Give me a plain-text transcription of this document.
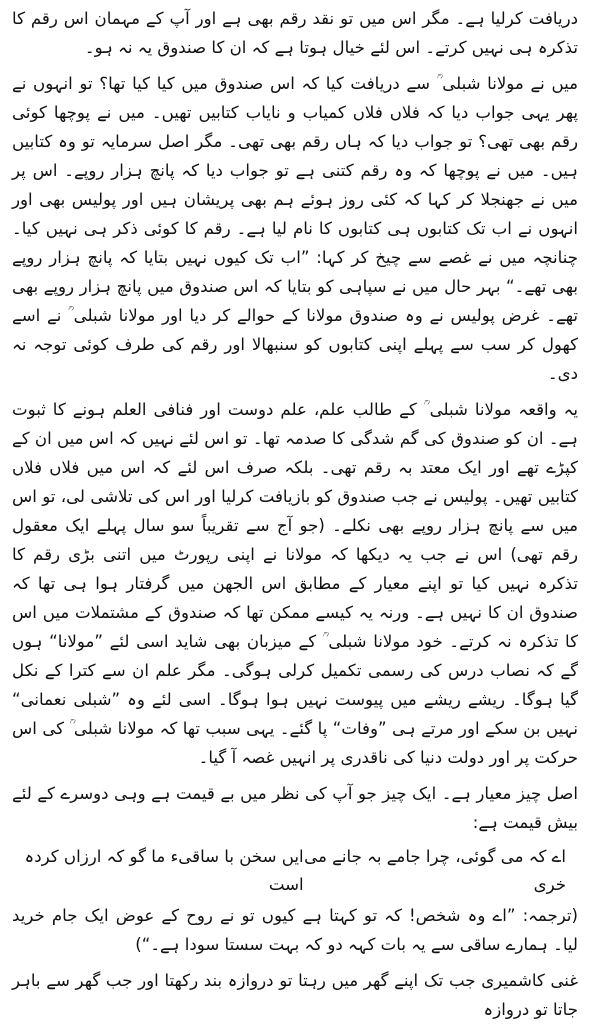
دریافت کرلیا ہے۔ مگر اس میں تو نقد رقم بھی ہے اور آپ کے مہمان اس رقم کا تذکرہ ہی نہیں کرتے۔ اس لئے خیال ہوتا ہے کہ ان کا صندوق یہ نہ ہو۔

میں نے مولانا شبلی ؒ سے دریافت کیا کہ اس صندوق میں کیا کیا تھا؟ تو انہوں نے پھر یہی جواب دیا کہ فلاں فلاں کمیاب و نایاب کتابیں تھیں۔ میں نے پوچھا کوئی رقم بھی تھی؟ تو جواب دیا کہ ہاں رقم بھی تھی۔ مگر اصل سرمایہ تو وہ کتابیں ہیں۔ میں نے پوچھا کہ وہ رقم کتنی ہے تو جواب دیا کہ پانچ ہزار روپے۔ اس پر میں نے جھنجلا کر کہا کہ کئی روز ہوئے ہم بھی پریشان ہیں اور پولیس بھی اور انہوں نے اب تک کتابوں ہی کتابوں کا نام لیا ہے۔ رقم کا کوئی ذکر ہی نہیں کیا۔ چنانچہ میں نے غصے سے چیخ کر کہا: ”اب تک کیوں نہیں بتایا کہ پانچ ہزار روپے بھی تھے۔“ بہر حال میں نے سپاہی کو بتایا کہ اس صندوق میں پانچ ہزار روپے بھی تھے۔ غرض پولیس نے وہ صندوق مولانا کے حوالے کر دیا اور مولانا شبلی ؒ نے اسے کھول کر سب سے پہلے اپنی کتابوں کو سنبھالا اور رقم کی طرف کوئی توجہ نہ دی۔

یہ واقعہ مولانا شبلی ؒ کے طالب علم، علم دوست اور فنافی العلم ہونے کا ثبوت ہے۔ ان کو صندوق کی گم شدگی کا صدمہ تھا۔ تو اس لئے نہیں کہ اس میں ان کے کپڑے تھے اور ایک معتد بہ رقم تھی۔ بلکہ صرف اس لئے کہ اس میں فلاں فلاں کتابیں تھیں۔ پولیس نے جب صندوق کو بازیافت کرلیا اور اس کی تلاشی لی، تو اس میں سے پانچ ہزار روپے بھی نکلے۔ (جو آج سے تقریباً سو سال پہلے ایک معقول رقم تھی) اس نے جب یہ دیکھا کہ مولانا نے اپنی رپورٹ میں اتنی بڑی رقم کا تذکرہ نہیں کیا تو اپنے معیار کے مطابق اس الجھن میں گرفتار ہوا ہی تھا کہ صندوق ان کا نہیں ہے۔ ورنہ یہ کیسے ممکن تھا کہ صندوق کے مشتملات میں اس کا تذکرہ نہ کرتے۔ خود مولانا شبلی ؒ کے میزبان بھی شاید اسی لئے ”مولانا“ ہوں گے کہ نصاب درس کی رسمی تکمیل کرلی ہوگی۔ مگر علم ان سے کترا کے نکل گیا ہوگا۔ ریشے ریشے میں پیوست نہیں ہوا ہوگا۔ اسی لئے وہ ”شبلی نعمانی“ نہیں بن سکے اور مرتے ہی ”وفات“ پا گئے۔ یہی سبب تھا کہ مولانا شبلی ؒ کی اس حرکت پر اور دولت دنیا کی ناقدری پر انہیں غصہ آ گیا۔

اصل چیز معیار ہے۔ ایک چیز جو آپ کی نظر میں بے قیمت ہے وہی دوسرے کے لئے بیش قیمت ہے:

اے کہ می گوئی، چرا جامے بہ جانے می خری
ایں سخن با ساقیء ما گو کہ ارزاں کردہ است

(ترجمہ: ”اے وہ شخص! کہ تو کہتا ہے کیوں تو نے روح کے عوض ایک جام خرید لیا۔ ہمارے ساقی سے یہ بات کہہ دو کہ بہت سستا سودا ہے۔“)

غنی کاشمیری جب تک اپنے گھر میں رہتا تو دروازہ بند رکھتا اور جب گھر سے باہر جاتا تو دروازہ
